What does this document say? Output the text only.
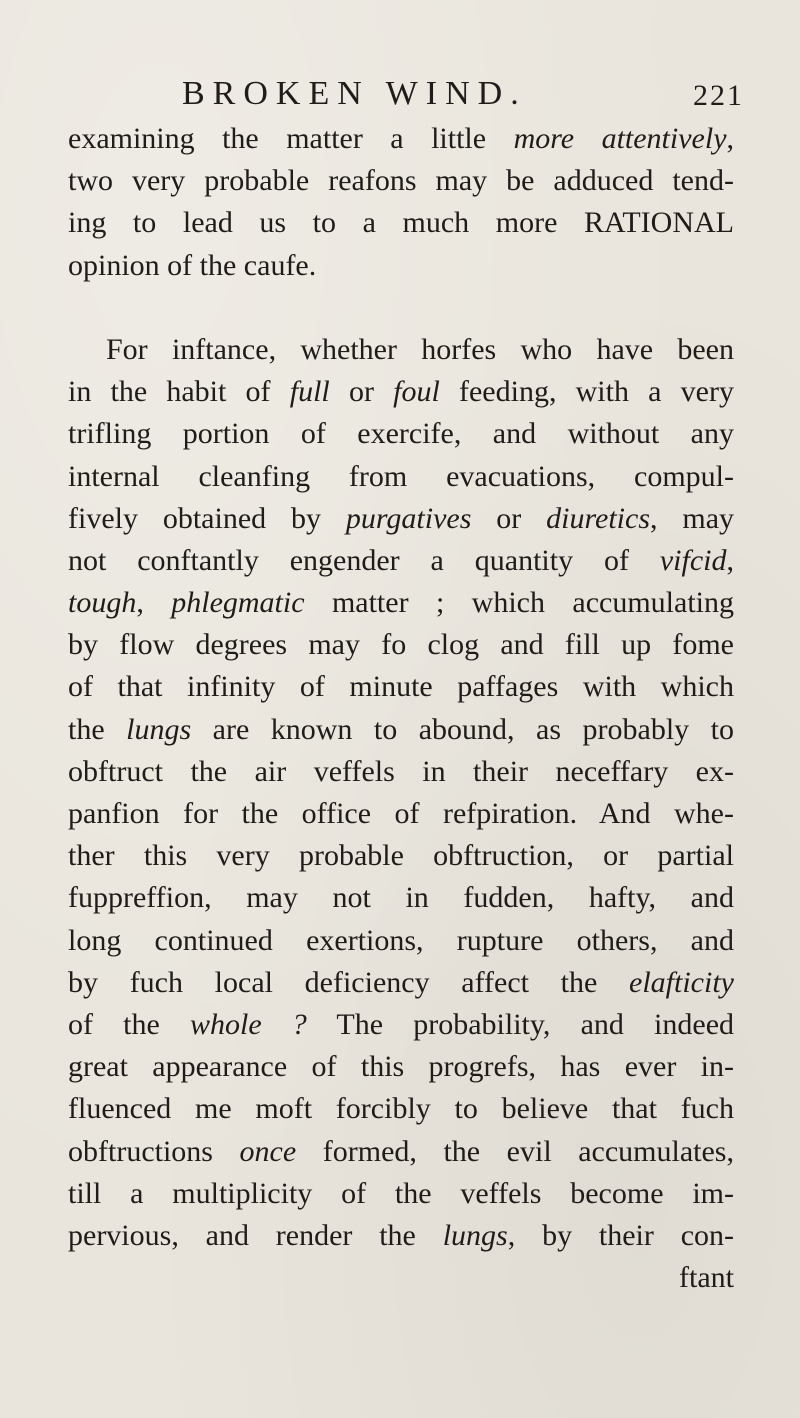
BROKEN WIND.	221
examining the matter a little more attentively,
two very probable reafons may be adduced tend-
ing to lead us to a much more RATIONAL
opinion of the caufe.
For inftance, whether horfes who have been
in the habit of full or foul feeding, with a very
trifling portion of exercife, and without any
internal cleanfing from evacuations, compul-
fively obtained by purgatives or diuretics, may
not conftantly engender a quantity of vifcid,
tough, phlegmatic matter ; which accumulating
by flow degrees may fo clog and fill up fome
of that infinity of minute paffages with which
the lungs are known to abound, as probably to
obftruct the air veffels in their neceffary ex-
panfion for the office of refpiration. And whe-
ther this very probable obftruction, or partial
fuppreffion, may not in fudden, hafty, and
long continued exertions, rupture others, and
by fuch local deficiency affect the elafticity
of the whole ? The probability, and indeed
great appearance of this progrefs, has ever in-
fluenced me moft forcibly to believe that fuch
obftructions once formed, the evil accumulates,
till a multiplicity of the veffels become im-
pervious, and render the lungs, by their con-
ftant
